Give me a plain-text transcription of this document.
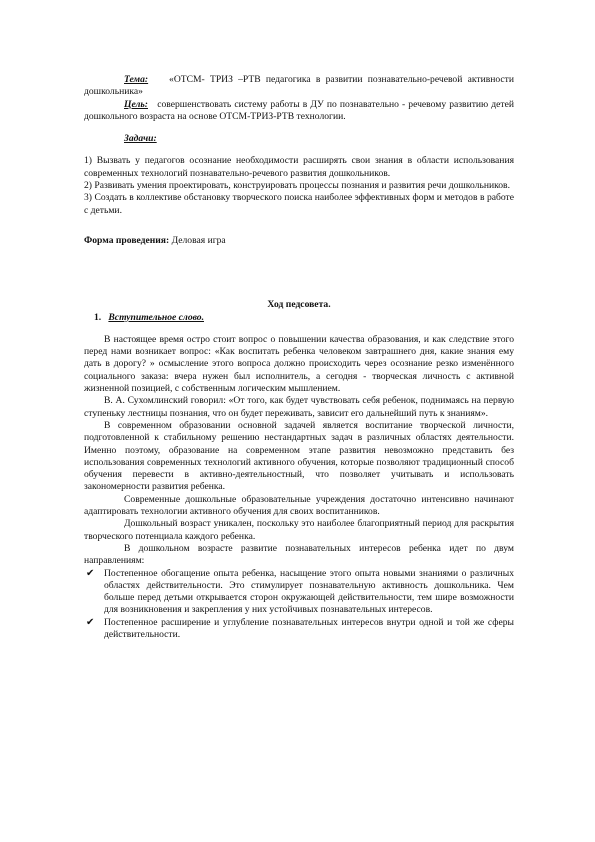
Тема: «ОТСМ- ТРИЗ –РТВ педагогика в развитии познавательно-речевой активности дошкольника»

Цель: совершенствовать систему работы в ДУ по познавательно - речевому развитию детей дошкольного возраста на основе ОТСМ-ТРИЗ-РТВ технологии.

Задачи:

1) Вызвать у педагогов осознание необходимости расширять свои знания в области использования современных технологий познавательно-речевого развития дошкольников.

2) Развивать умения проектировать, конструировать процессы познания и развития речи дошкольников.

3) Создать в коллективе обстановку творческого поиска наиболее эффективных форм и методов в работе с детьми.

Форма проведения: Деловая игра

Ход педсовета.

1. Вступительное слово.

В настоящее время остро стоит вопрос о повышении качества образования, и как следствие этого перед нами возникает вопрос: «Как воспитать ребенка человеком завтрашнего дня, какие знания ему дать в дорогу? » осмысление этого вопроса должно происходить через осознание резко изменённого социального заказа: вчера нужен был исполнитель, а сегодня - творческая личность с активной жизненной позицией, с собственным логическим мышлением.

В. А. Сухомлинский говорил: «От того, как будет чувствовать себя ребенок, поднимаясь на первую ступеньку лестницы познания, что он будет переживать, зависит его дальнейший путь к знаниям».

В современном образовании основной задачей является воспитание творческой личности, подготовленной к стабильному решению нестандартных задач в различных областях деятельности. Именно поэтому, образование на современном этапе развития невозможно представить без использования современных технологий активного обучения, которые позволяют традиционный способ обучения перевести в активно-деятельностный, что позволяет учитывать и использовать закономерности развития ребенка.

Современные дошкольные образовательные учреждения достаточно интенсивно начинают адаптировать технологии активного обучения для своих воспитанников.

Дошкольный возраст уникален, поскольку это наиболее благоприятный период для раскрытия творческого потенциала каждого ребенка.

В дошкольном возрасте развитие познавательных интересов ребенка идет по двум направлениям:

✔ Постепенное обогащение опыта ребенка, насыщение этого опыта новыми знаниями о различных областях действительности. Это стимулирует познавательную активность дошкольника. Чем больше перед детьми открывается сторон окружающей действительности, тем шире возможности для возникновения и закрепления у них устойчивых познавательных интересов.
✔ Постепенное расширение и углубление познавательных интересов внутри одной и той же сферы действительности.
